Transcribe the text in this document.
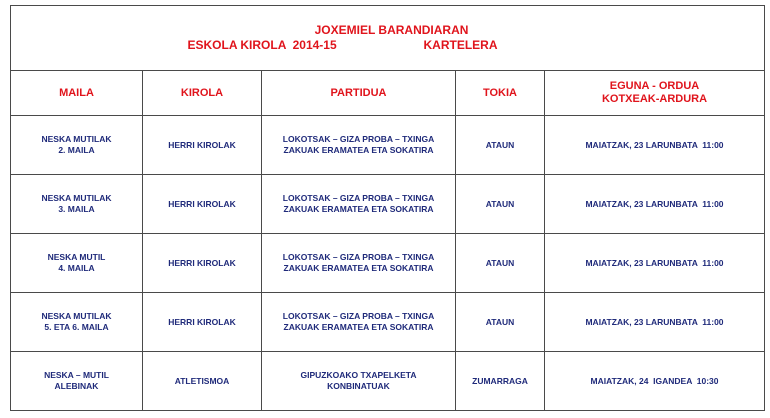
JOXEMIEL BARANDIARAN

ESKOLA KIROLA  2014-15 KARTELERA				

MAILA	KIROLA	PARTIDUA	TOKIA	EGUNA - ORDUA
KOTXEAK-ARDURA

NESKA MUTILAK
2. MAILA	HERRI KIROLAK	LOKOTSAK – GIZA PROBA – TXINGA
ZAKUAK ERAMATEA ETA SOKATIRA	ATAUN	MAIATZAK, 23 LARUNBATA  11:00

NESKA MUTILAK
3. MAILA	HERRI KIROLAK	LOKOTSAK – GIZA PROBA – TXINGA
ZAKUAK ERAMATEA ETA SOKATIRA	ATAUN	MAIATZAK, 23 LARUNBATA  11:00

NESKA MUTIL
4. MAILA	HERRI KIROLAK	LOKOTSAK – GIZA PROBA – TXINGA
ZAKUAK ERAMATEA ETA SOKATIRA	ATAUN	MAIATZAK, 23 LARUNBATA  11:00

NESKA MUTILAK
5. ETA 6. MAILA	HERRI KIROLAK	LOKOTSAK – GIZA PROBA – TXINGA
ZAKUAK ERAMATEA ETA SOKATIRA	ATAUN	MAIATZAK, 23 LARUNBATA  11:00

NESKA – MUTIL
ALEBINAK	ATLETISMOA	GIPUZKOAKO TXAPELKETA
KONBINATUAK	ZUMARRAGA	MAIATZAK, 24  IGANDEA  10:30
